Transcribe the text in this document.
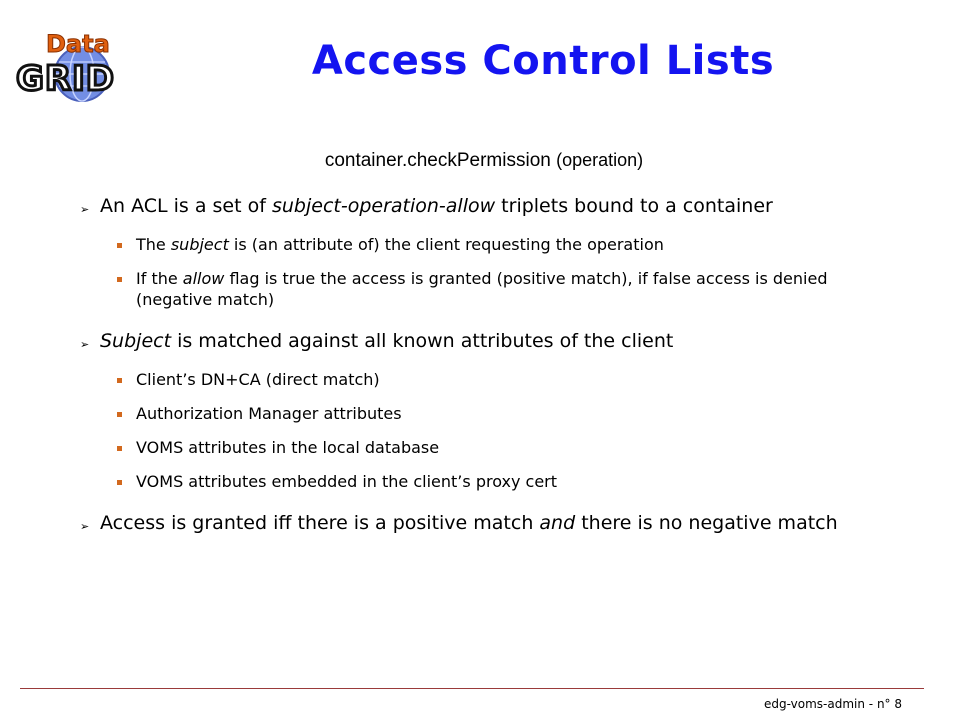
Data
GRID	Access Control Lists
container.checkPermission (operation)
➢ An ACL is a set of subject-operation-allow triplets bound to a container
The subject is (an attribute of) the client requesting the operation
If the allow flag is true the access is granted (positive match), if false access is denied (negative match)
➢ Subject is matched against all known attributes of the client
Client’s DN+CA (direct match)
Authorization Manager attributes
VOMS attributes in the local database
VOMS attributes embedded in the client’s proxy cert
➢ Access is granted iff there is a positive match and there is no negative match
edg-voms-admin - n° 8
